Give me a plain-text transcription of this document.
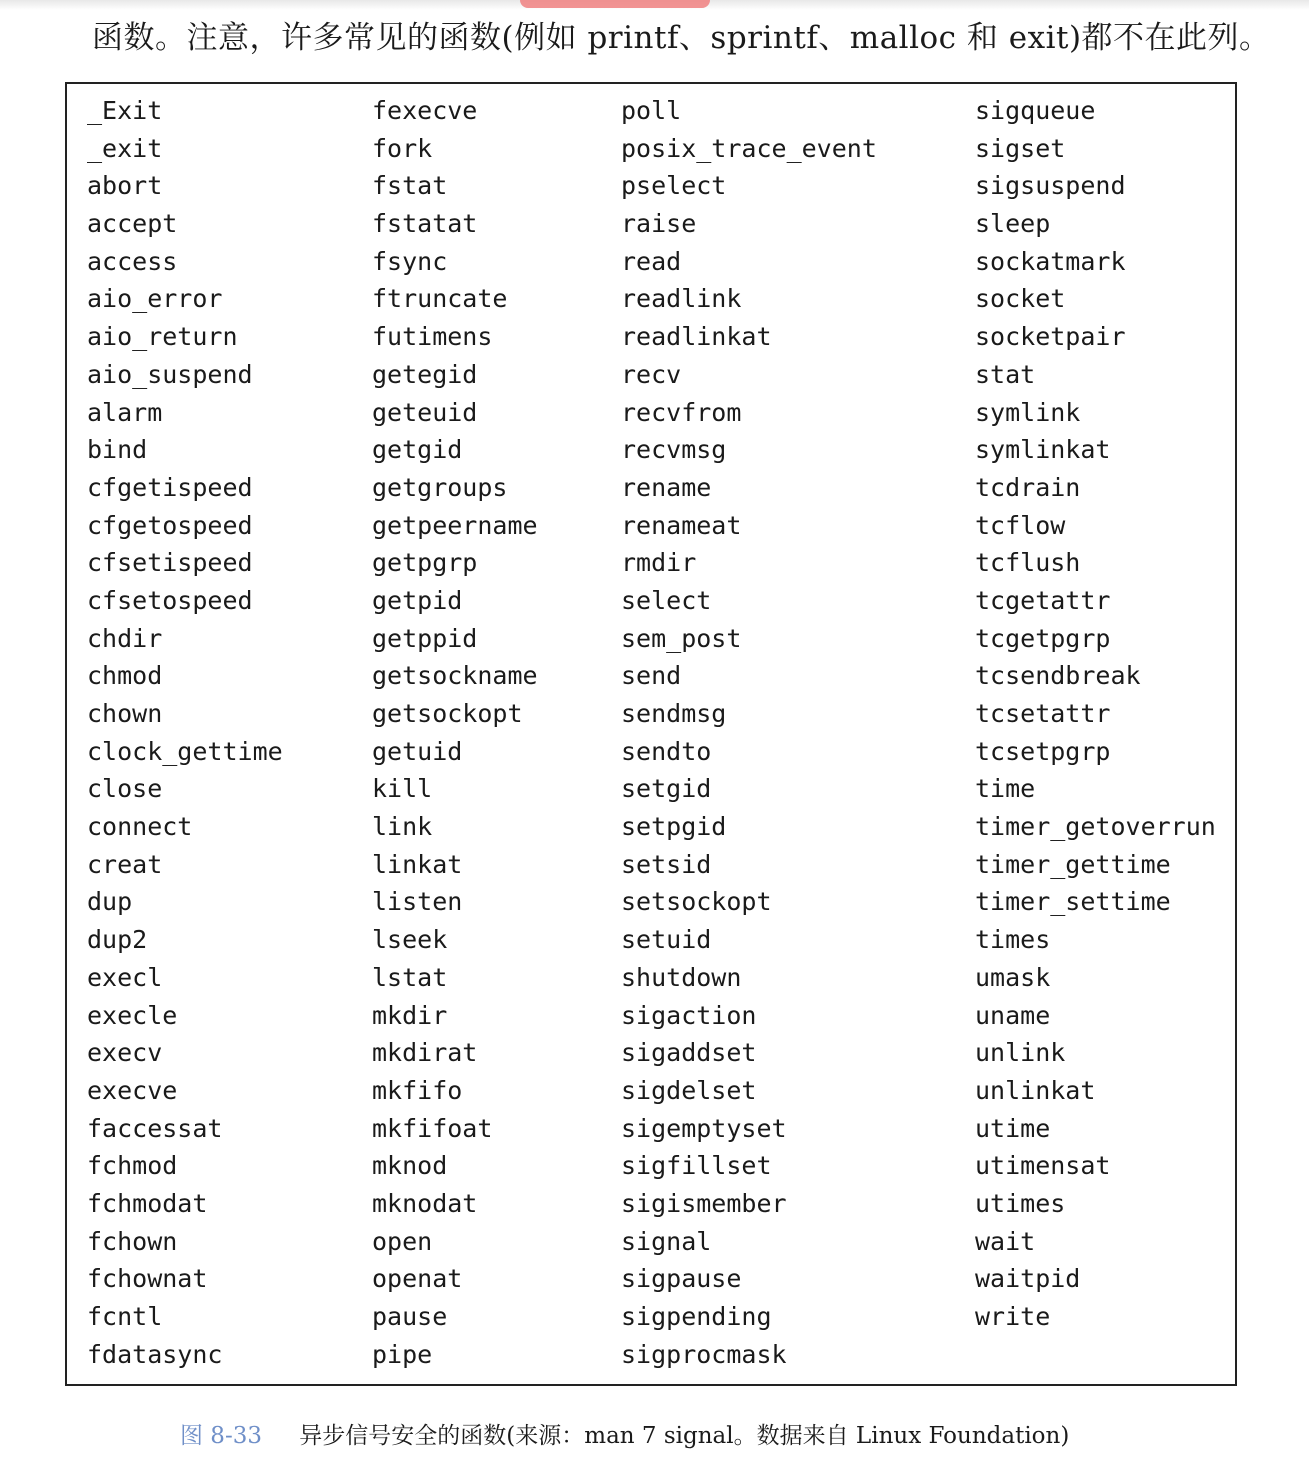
函数。注意，许多常见的函数(例如 printf、sprintf、malloc 和 exit)都不在此列。
_Exit
_exit
abort
accept
access
aio_error
aio_return
aio_suspend
alarm
bind
cfgetispeed
cfgetospeed
cfsetispeed
cfsetospeed
chdir
chmod
chown
clock_gettime
close
connect
creat
dup
dup2
execl
execle
execv
execve
faccessat
fchmod
fchmodat
fchown
fchownat
fcntl
fdatasync
fexecve
fork
fstat
fstatat
fsync
ftruncate
futimens
getegid
geteuid
getgid
getgroups
getpeername
getpgrp
getpid
getppid
getsockname
getsockopt
getuid
kill
link
linkat
listen
lseek
lstat
mkdir
mkdirat
mkfifo
mkfifoat
mknod
mknodat
open
openat
pause
pipe
poll
posix_trace_event
pselect
raise
read
readlink
readlinkat
recv
recvfrom
recvmsg
rename
renameat
rmdir
select
sem_post
send
sendmsg
sendto
setgid
setpgid
setsid
setsockopt
setuid
shutdown
sigaction
sigaddset
sigdelset
sigemptyset
sigfillset
sigismember
signal
sigpause
sigpending
sigprocmask
sigqueue
sigset
sigsuspend
sleep
sockatmark
socket
socketpair
stat
symlink
symlinkat
tcdrain
tcflow
tcflush
tcgetattr
tcgetpgrp
tcsendbreak
tcsetattr
tcsetpgrp
time
timer_getoverrun
timer_gettime
timer_settime
times
umask
uname
unlink
unlinkat
utime
utimensat
utimes
wait
waitpid
write
图 8-33 异步信号安全的函数(来源：man 7 signal。数据来自 Linux Foundation)
